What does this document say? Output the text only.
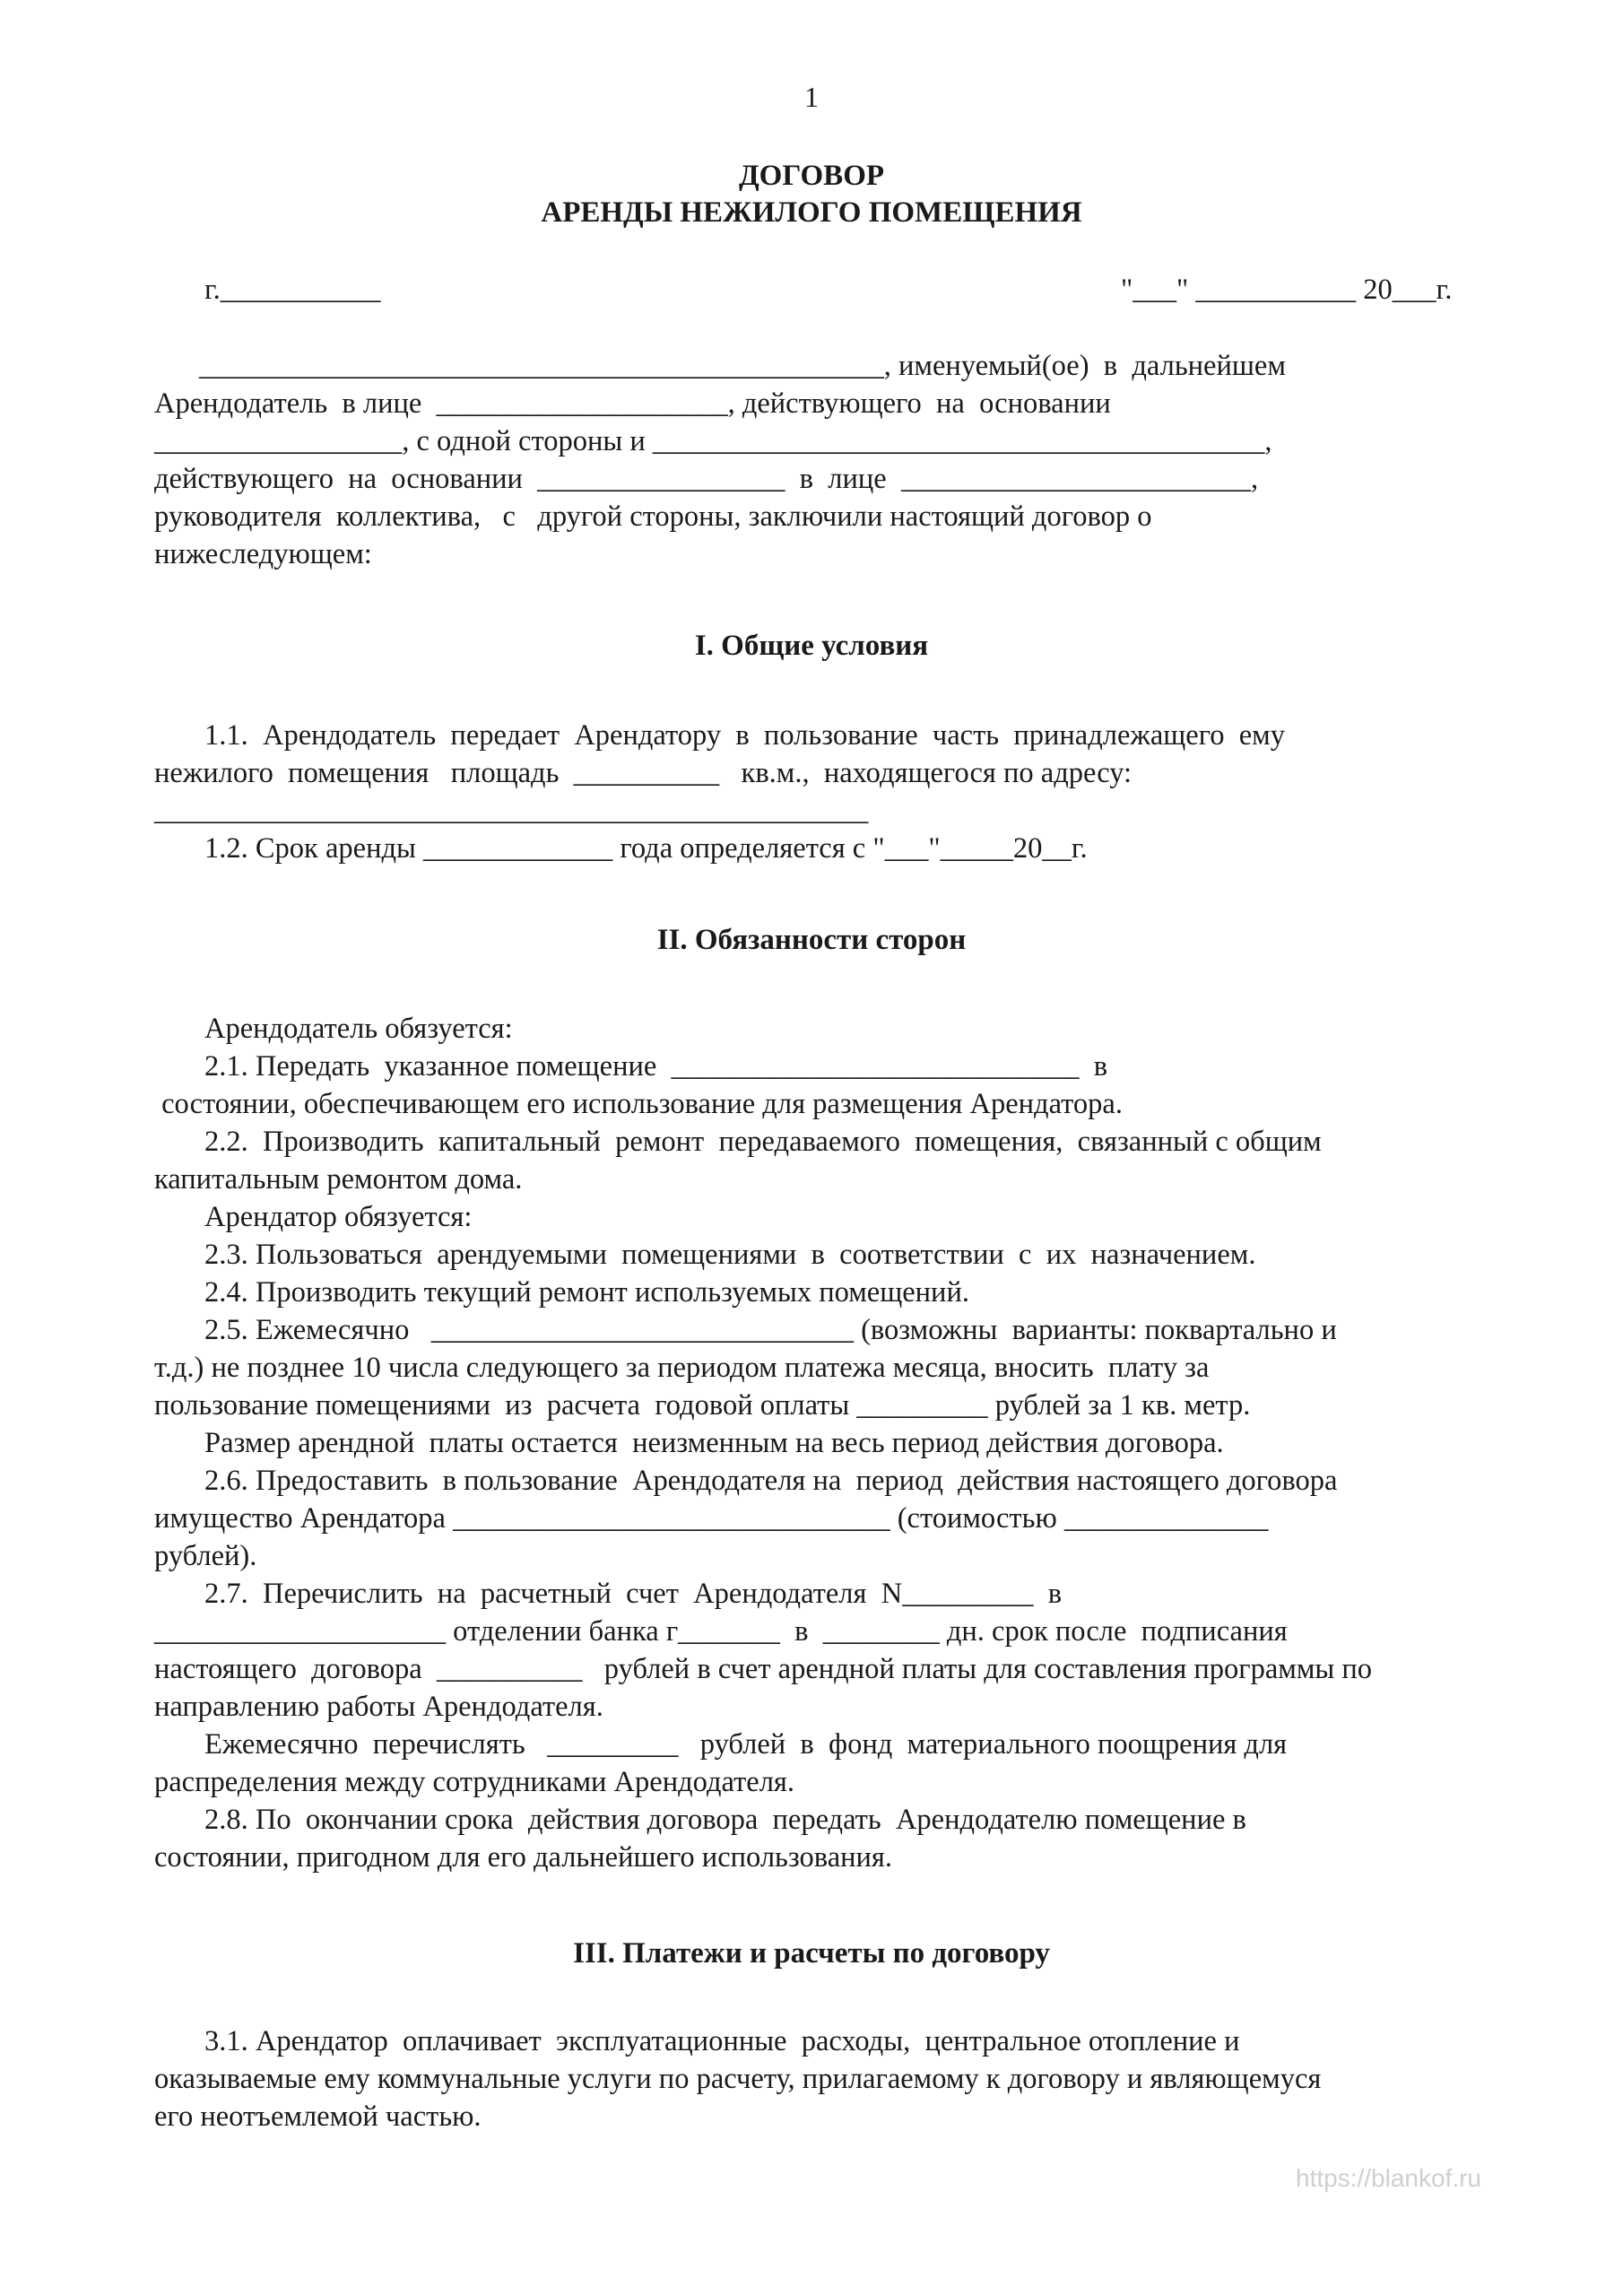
1
ДОГОВОР
АРЕНДЫ НЕЖИЛОГО ПОМЕЩЕНИЯ
г.___________	"___" ___________ 20___г.
_______________________________________________, именуемый(ое)  в  дальнейшем
Арендодатель  в лице  ____________________, действующего  на  основании
_________________, с одной стороны и __________________________________________,
действующего  на  основании  _________________  в  лице  ________________________,
руководителя  коллектива,   с   другой стороны, заключили настоящий договор о
нижеследующем:
I. Общие условия
1.1.  Арендодатель  передает  Арендатору  в  пользование  часть  принадлежащего  ему
нежилого  помещения   площадь  __________   кв.м.,  находящегося по адресу:
_________________________________________________
1.2. Срок аренды _____________ года определяется с "___"_____20__г.
II. Обязанности сторон
Арендодатель обязуется:
2.1. Передать  указанное помещение  ____________________________  в
состоянии, обеспечивающем его использование для размещения Арендатора.
2.2.  Производить  капитальный  ремонт  передаваемого  помещения,  связанный с общим
капитальным ремонтом дома.
Арендатор обязуется:
2.3. Пользоваться  арендуемыми  помещениями  в  соответствии  с  их  назначением.
2.4. Производить текущий ремонт используемых помещений.
2.5. Ежемесячно   _____________________________ (возможны  варианты: поквартально и
т.д.) не позднее 10 числа следующего за периодом платежа месяца, вносить  плату за
пользование помещениями  из  расчета  годовой оплаты _________ рублей за 1 кв. метр.
Размер арендной  платы остается  неизменным на весь период действия договора.
2.6. Предоставить  в пользование  Арендодателя на  период  действия настоящего договора
имущество Арендатора ______________________________ (стоимостью ______________
рублей).
2.7.  Перечислить  на  расчетный  счет  Арендодателя  N_________  в
____________________ отделении банка г_______  в  ________ дн. срок после  подписания
настоящего  договора  __________   рублей в счет арендной платы для составления программы по
направлению работы Арендодателя.
Ежемесячно  перечислять   _________   рублей  в  фонд  материального поощрения для
распределения между сотрудниками Арендодателя.
2.8. По  окончании срока  действия договора  передать  Арендодателю помещение в
состоянии, пригодном для его дальнейшего использования.
III. Платежи и расчеты по договору
3.1. Арендатор  оплачивает  эксплуатационные  расходы,  центральное отопление и
оказываемые ему коммунальные услуги по расчету, прилагаемому к договору и являющемуся
его неотъемлемой частью.
https://blankof.ru
